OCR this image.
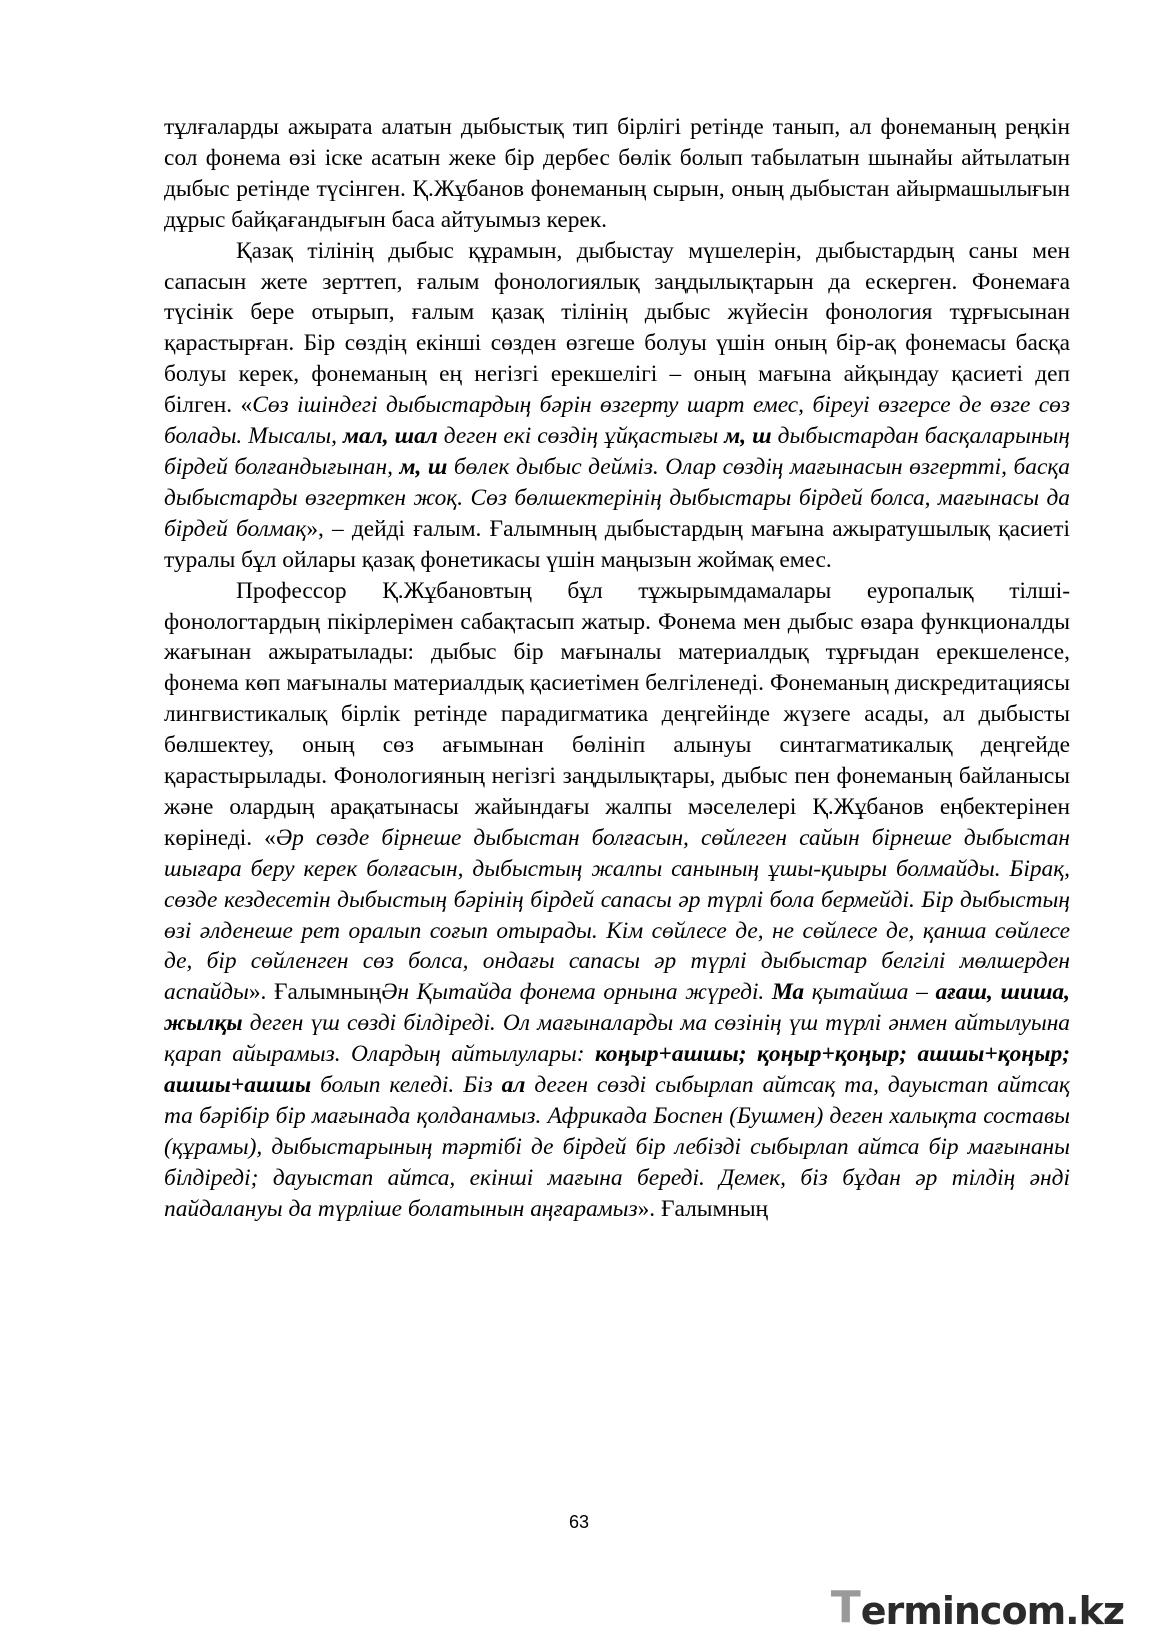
тұлғаларды ажырата алатын дыбыстық тип бірлігі ретінде танып, ал фонеманың реңкін сол фонема өзі іске асатын жеке бір дербес бөлік болып табылатын шынайы айтылатын дыбыс ретінде түсінген. Қ.Жұбанов фонеманың сырын, оның дыбыстан айырмашылығын дұрыс байқағандығын баса айтуымыз керек.

Қазақ тілінің дыбыс құрамын, дыбыстау мүшелерін, дыбыстардың саны мен сапасын жете зерттеп, ғалым фонологиялық заңдылықтарын да ескерген. Фонемаға түсінік бере отырып, ғалым қазақ тілінің дыбыс жүйесін фонология тұрғысынан қарастырған. Бір сөздің екінші сөзден өзгеше болуы үшін оның бір-ақ фонемасы басқа болуы керек, фонеманың ең негізгі ерекшелігі – оның мағына айқындау қасиеті деп білген. «Сөз ішіндегі дыбыстардың бәрін өзгерту шарт емес, біреуі өзгерсе де өзге сөз болады. Мысалы, мал, шал деген екі сөздің ұйқастығы м, ш дыбыстардан басқаларының бірдей болғандығынан, м, ш бөлек дыбыс дейміз. Олар сөздің мағынасын өзгертті, басқа дыбыстарды өзгерткен жоқ. Сөз бөлшектерінің дыбыстары бірдей болса, мағынасы да бірдей болмақ», – дейді ғалым. Ғалымның дыбыстардың мағына ажыратушылық қасиеті туралы бұл ойлары қазақ фонетикасы үшін маңызын жоймақ емес.

Профессор Қ.Жұбановтың бұл тұжырымдамалары еуропалық тілші-фонологтардың пікірлерімен сабақтасып жатыр. Фонема мен дыбыс өзара функционалды жағынан ажыратылады: дыбыс бір мағыналы материалдық тұрғыдан ерекшеленсе, фонема көп мағыналы материалдық қасиетімен белгіленеді. Фонеманың дискредитациясы лингвистикалық бірлік ретінде парадигматика деңгейінде жүзеге асады, ал дыбысты бөлшектеу, оның сөз ағымынан бөлініп алынуы синтагматикалық деңгейде қарастырылады. Фонологияның негізгі заңдылықтары, дыбыс пен фонеманың байланысы және олардың арақатынасы жайындағы жалпы мәселелері Қ.Жұбанов еңбектерінен көрінеді. «Әр сөзде бірнеше дыбыстан болғасын, сөйлеген сайын бірнеше дыбыстан шығара беру керек болғасын, дыбыстың жалпы санының ұшы-қиыры болмайды. Бірақ, сөзде кездесетін дыбыстың бәрінің бірдей сапасы әр түрлі бола бермейді. Бір дыбыстың өзі әлденеше рет оралып соғып отырады. Кім сөйлесе де, не сөйлесе де, қанша сөйлесе де, бір сөйленген сөз болса, ондағы сапасы әр түрлі дыбыстар белгілі мөлшерден аспайды». ҒалымныңӘн Қытайда фонема орнына жүреді. Ма қытайша – ағаш, шиша, жылқы деген үш сөзді білдіреді. Ол мағыналарды ма сөзінің үш түрлі әнмен айтылуына қарап айырамыз. Олардың айтылулары: коңыр+ашшы; қоңыр+қоңыр; ашшы+қоңыр; ашшы+ашшы болып келеді. Біз ал деген сөзді сыбырлап айтсақ та, дауыстап айтсақ та бәрібір бір мағынада қолданамыз. Африкада Боспен (Бушмен) деген халықта составы (құрамы), дыбыстарының тәртібі де бірдей бір лебізді сыбырлап айтса бір мағынаны білдіреді; дауыстап айтса, екінші мағына береді. Демек, біз бұдан әр тілдің әнді пайдалануы да түрліше болатынын аңғарамыз». Ғалымның

63
T ermincom.kz
